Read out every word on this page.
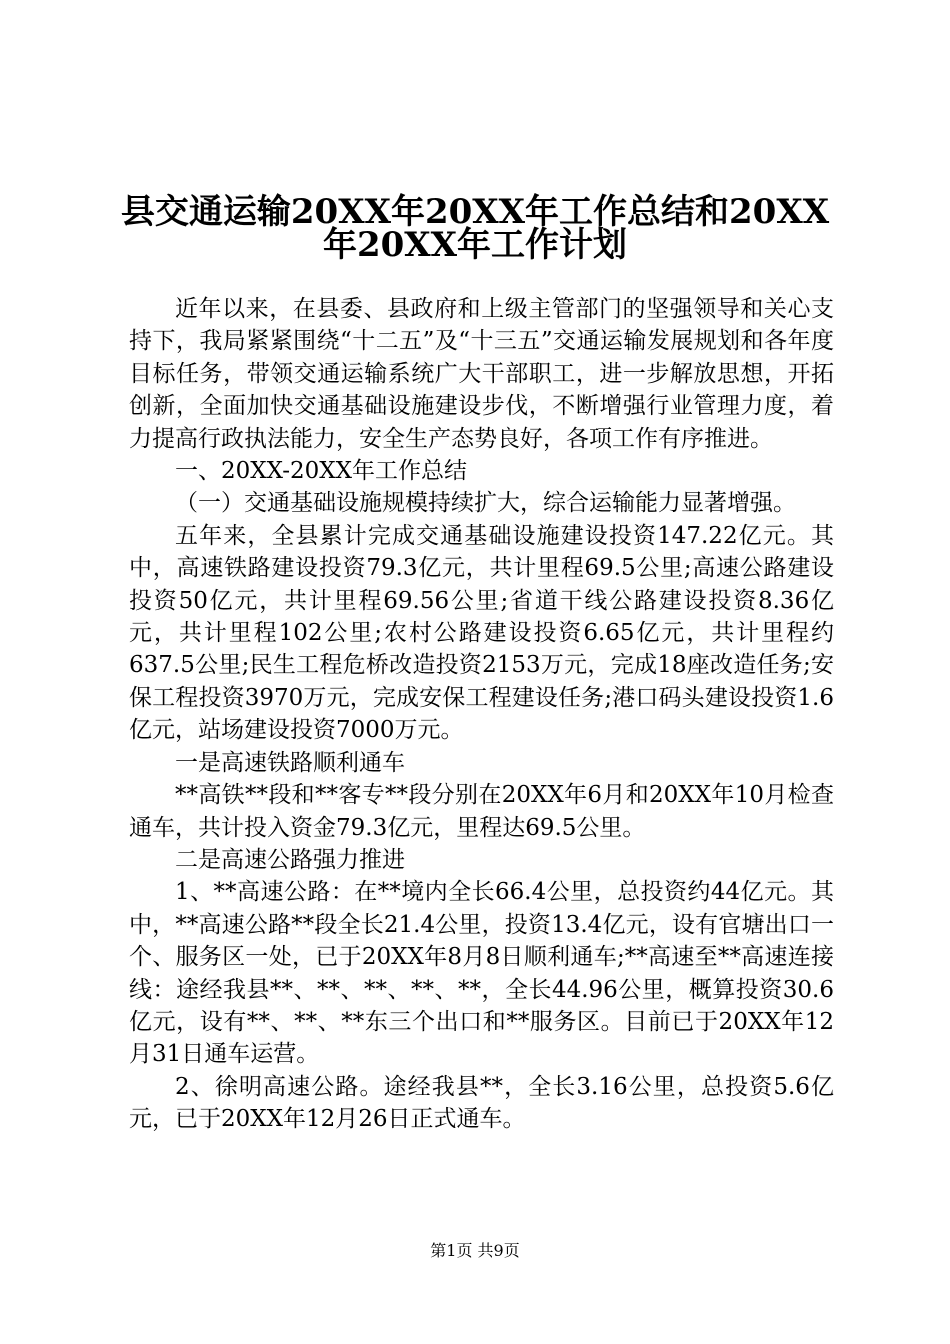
县交通运输20XX年20XX年工作总结和20XX
年20XX年工作计划

近年以来，在县委、县政府和上级主管部门的坚强领导和关心支持下，我局紧紧围绕“十二五”及“十三五”交通运输发展规划和各年度目标任务，带领交通运输系统广大干部职工，进一步解放思想，开拓创新，全面加快交通基础设施建设步伐，不断增强行业管理力度，着力提高行政执法能力，安全生产态势良好，各项工作有序推进。

一、20XX-20XX年工作总结

（一）交通基础设施规模持续扩大，综合运输能力显著增强。

五年来，全县累计完成交通基础设施建设投资147.22亿元。其中，高速铁路建设投资79.3亿元，共计里程69.5公里;高速公路建设投资50亿元，共计里程69.56公里;省道干线公路建设投资8.36亿元，共计里程102公里;农村公路建设投资6.65亿元，共计里程约637.5公里;民生工程危桥改造投资2153万元，完成18座改造任务;安保工程投资3970万元，完成安保工程建设任务;港口码头建设投资1.6亿元，站场建设投资7000万元。

一是高速铁路顺利通车

**高铁**段和**客专**段分别在20XX年6月和20XX年10月检查通车，共计投入资金79.3亿元，里程达69.5公里。

二是高速公路强力推进

1、**高速公路：在**境内全长66.4公里，总投资约44亿元。其中，**高速公路**段全长21.4公里，投资13.4亿元，设有官塘出口一个、服务区一处，已于20XX年8月8日顺利通车;**高速至**高速连接线：途经我县**、**、**、**、**，全长44.96公里，概算投资30.6亿元，设有**、**、**东三个出口和**服务区。目前已于20XX年12月31日通车运营。

2、徐明高速公路。途经我县**，全长3.16公里，总投资5.6亿元，已于20XX年12月26日正式通车。

第1页 共9页
